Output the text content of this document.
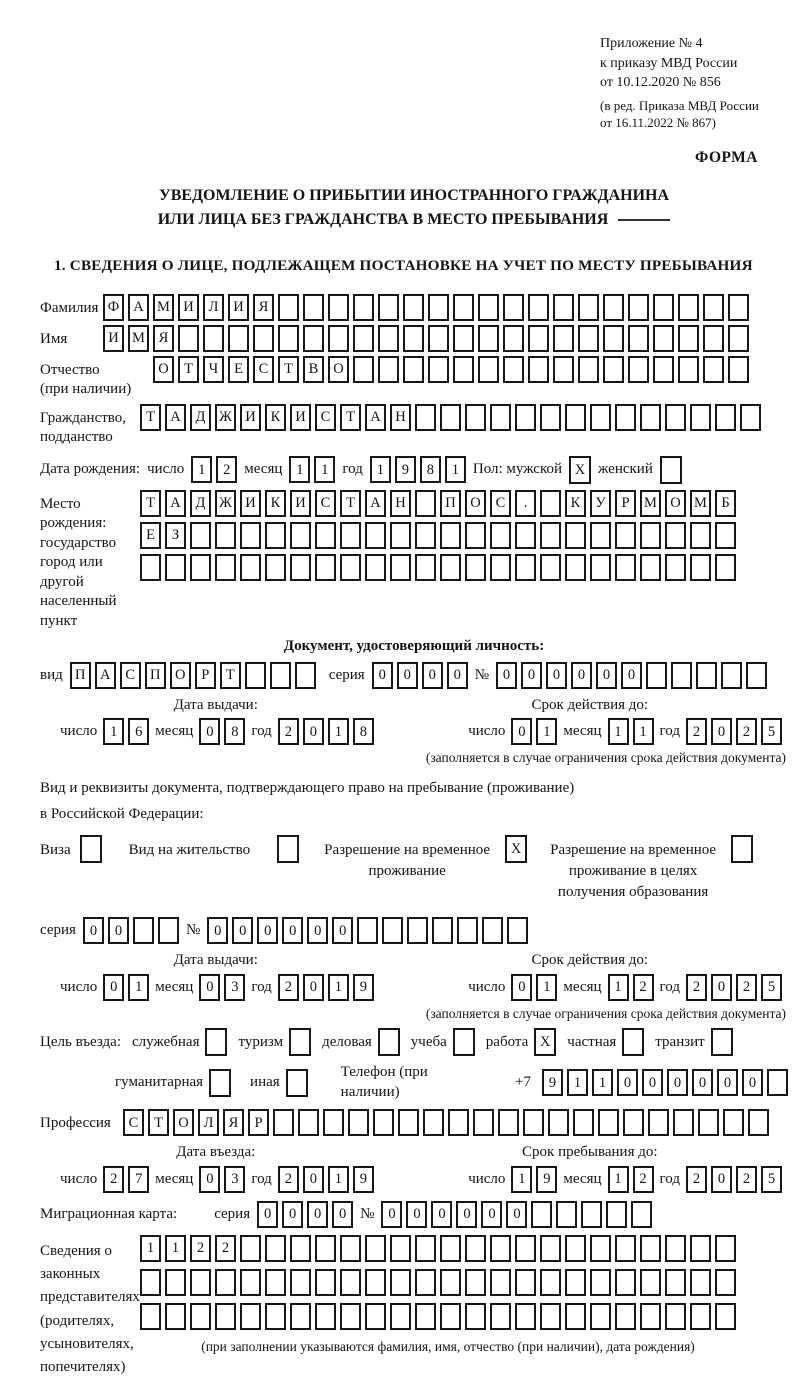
Приложение № 4
к приказу МВД России
от 10.12.2020 № 856
(в ред. Приказа МВД России
от 16.11.2022 № 867)
ФОРМА
УВЕДОМЛЕНИЕ О ПРИБЫТИИ ИНОСТРАННОГО ГРАЖДАНИНА
ИЛИ ЛИЦА БЕЗ ГРАЖДАНСТВА В МЕСТО ПРЕБЫВАНИЯ
1. СВЕДЕНИЯ О ЛИЦЕ, ПОДЛЕЖАЩЕМ ПОСТАНОВКЕ НА УЧЕТ ПО МЕСТУ ПРЕБЫВАНИЯ
Фамилия Ф А М И	Л	И	Я
Имя	И М Я
Отчество
(при наличии)
О	Т	Ч	Е	С	Т	В	О
Гражданство,
подданство
Т	А	Д Ж И	К	И	С	Т	А	Н
Дата рождения: число 1	2 месяц 1	1 год 1	9	8	1 Пол: мужской X женский
Место рождения:
государство
город или другой
населенный пункт
Т	А	Д Ж И	К	И	С	Т	А	Н	П	О	С	.	К	У	Р	М О М Б
Е	З
Документ, удостоверяющий личность:
вид П	А	С	П	О	Р	Т	серия 0	0	0	0 № 0	0	0	0	0	0
Дата выдачи:	Срок действия до:
число 1	6 месяц 0	8 год 2	0	1	8	число 0	1 месяц 1	1 год 2	0	2	5
(заполняется в случае ограничения срока действия документа)
Вид и реквизиты документа, подтверждающего право на пребывание (проживание)
в Российской Федерации:
Виза	Вид на жительство	Разрешение на временное проживание
X	Разрешение на временное проживание в целях получения образования
серия 0	0	№ 0	0	0	0	0	0
Дата выдачи:	Срок действия до:
число 0	1 месяц 0	3 год 2	0	1	9	число 0	1 месяц 1	2 год 2	0	2	5
(заполняется в случае ограничения срока действия документа)
Цель въезда: служебная	туризм	деловая	учеба	работа X	частная	транзит
гуманитарная	иная
Телефон (при наличии)
+7	9	1	1	0	0	0	0	0	0
Профессия	С	Т	О	Л	Я	Р
Дата въезда:	Срок пребывания до:
число 2	7 месяц 0	3 год 2	0	1	9	число 1	9 месяц 1	2 год 2	0	2	5
Миграционная карта: серия 0	0	0	0 № 0	0	0	0	0	0
Сведения о
законных
представителях
(родителях,
усыновителях,
попечителях)
1	1	2	2
(при заполнении указываются фамилия, имя, отчество (при наличии), дата рождения)
